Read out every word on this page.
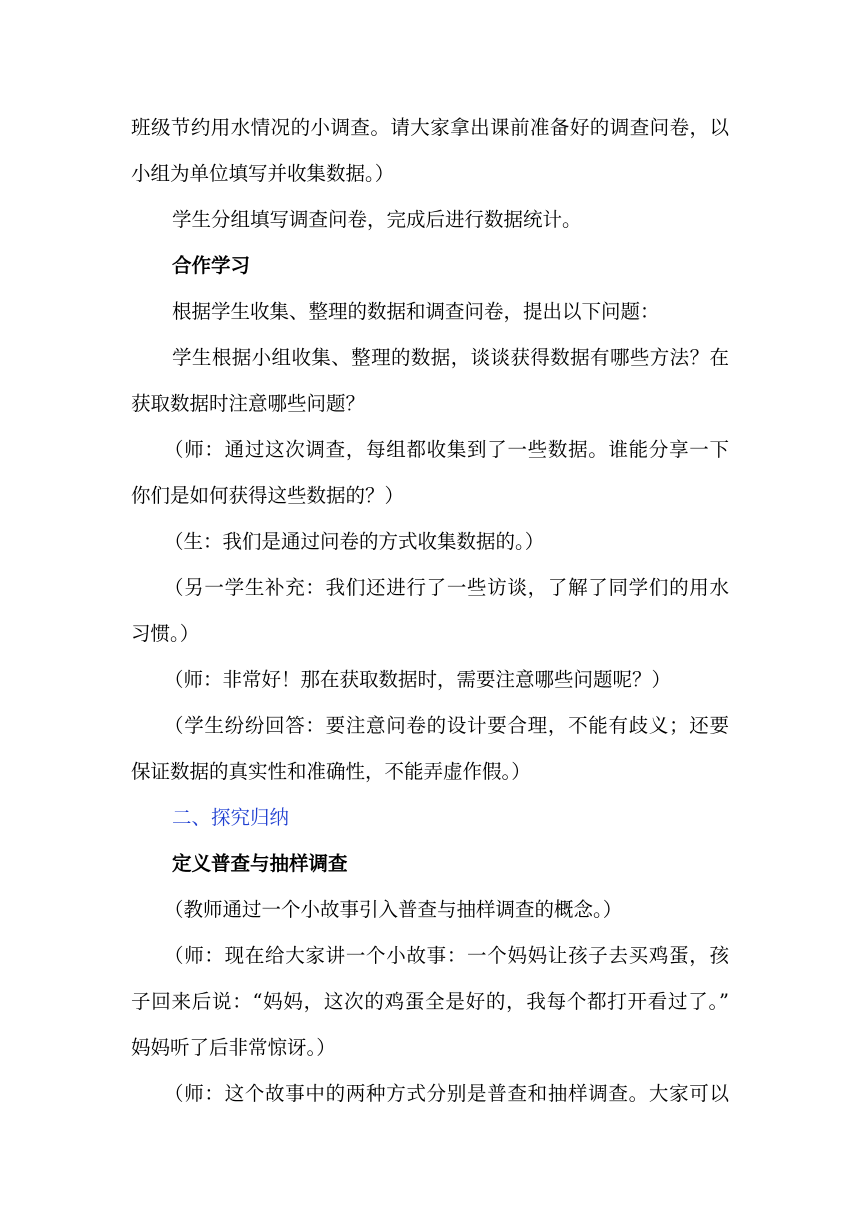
班级节约用水情况的小调查。请大家拿出课前准备好的调查问卷，以
小组为单位填写并收集数据。）
学生分组填写调查问卷，完成后进行数据统计。
合作学习
根据学生收集、整理的数据和调查问卷，提出以下问题：
学生根据小组收集、整理的数据，谈谈获得数据有哪些方法？在
获取数据时注意哪些问题？
（师：通过这次调查，每组都收集到了一些数据。谁能分享一下
你们是如何获得这些数据的？）
（生：我们是通过问卷的方式收集数据的。）
（另一学生补充：我们还进行了一些访谈，了解了同学们的用水
习惯。）
（师：非常好！那在获取数据时，需要注意哪些问题呢？）
（学生纷纷回答：要注意问卷的设计要合理，不能有歧义；还要
保证数据的真实性和准确性，不能弄虚作假。）
二、探究归纳
定义普查与抽样调查
（教师通过一个小故事引入普查与抽样调查的概念。）
（师：现在给大家讲一个小故事：一个妈妈让孩子去买鸡蛋，孩
子回来后说：“妈妈，这次的鸡蛋全是好的，我每个都打开看过了。”
妈妈听了后非常惊讶。）
（师：这个故事中的两种方式分别是普查和抽样调查。大家可以
